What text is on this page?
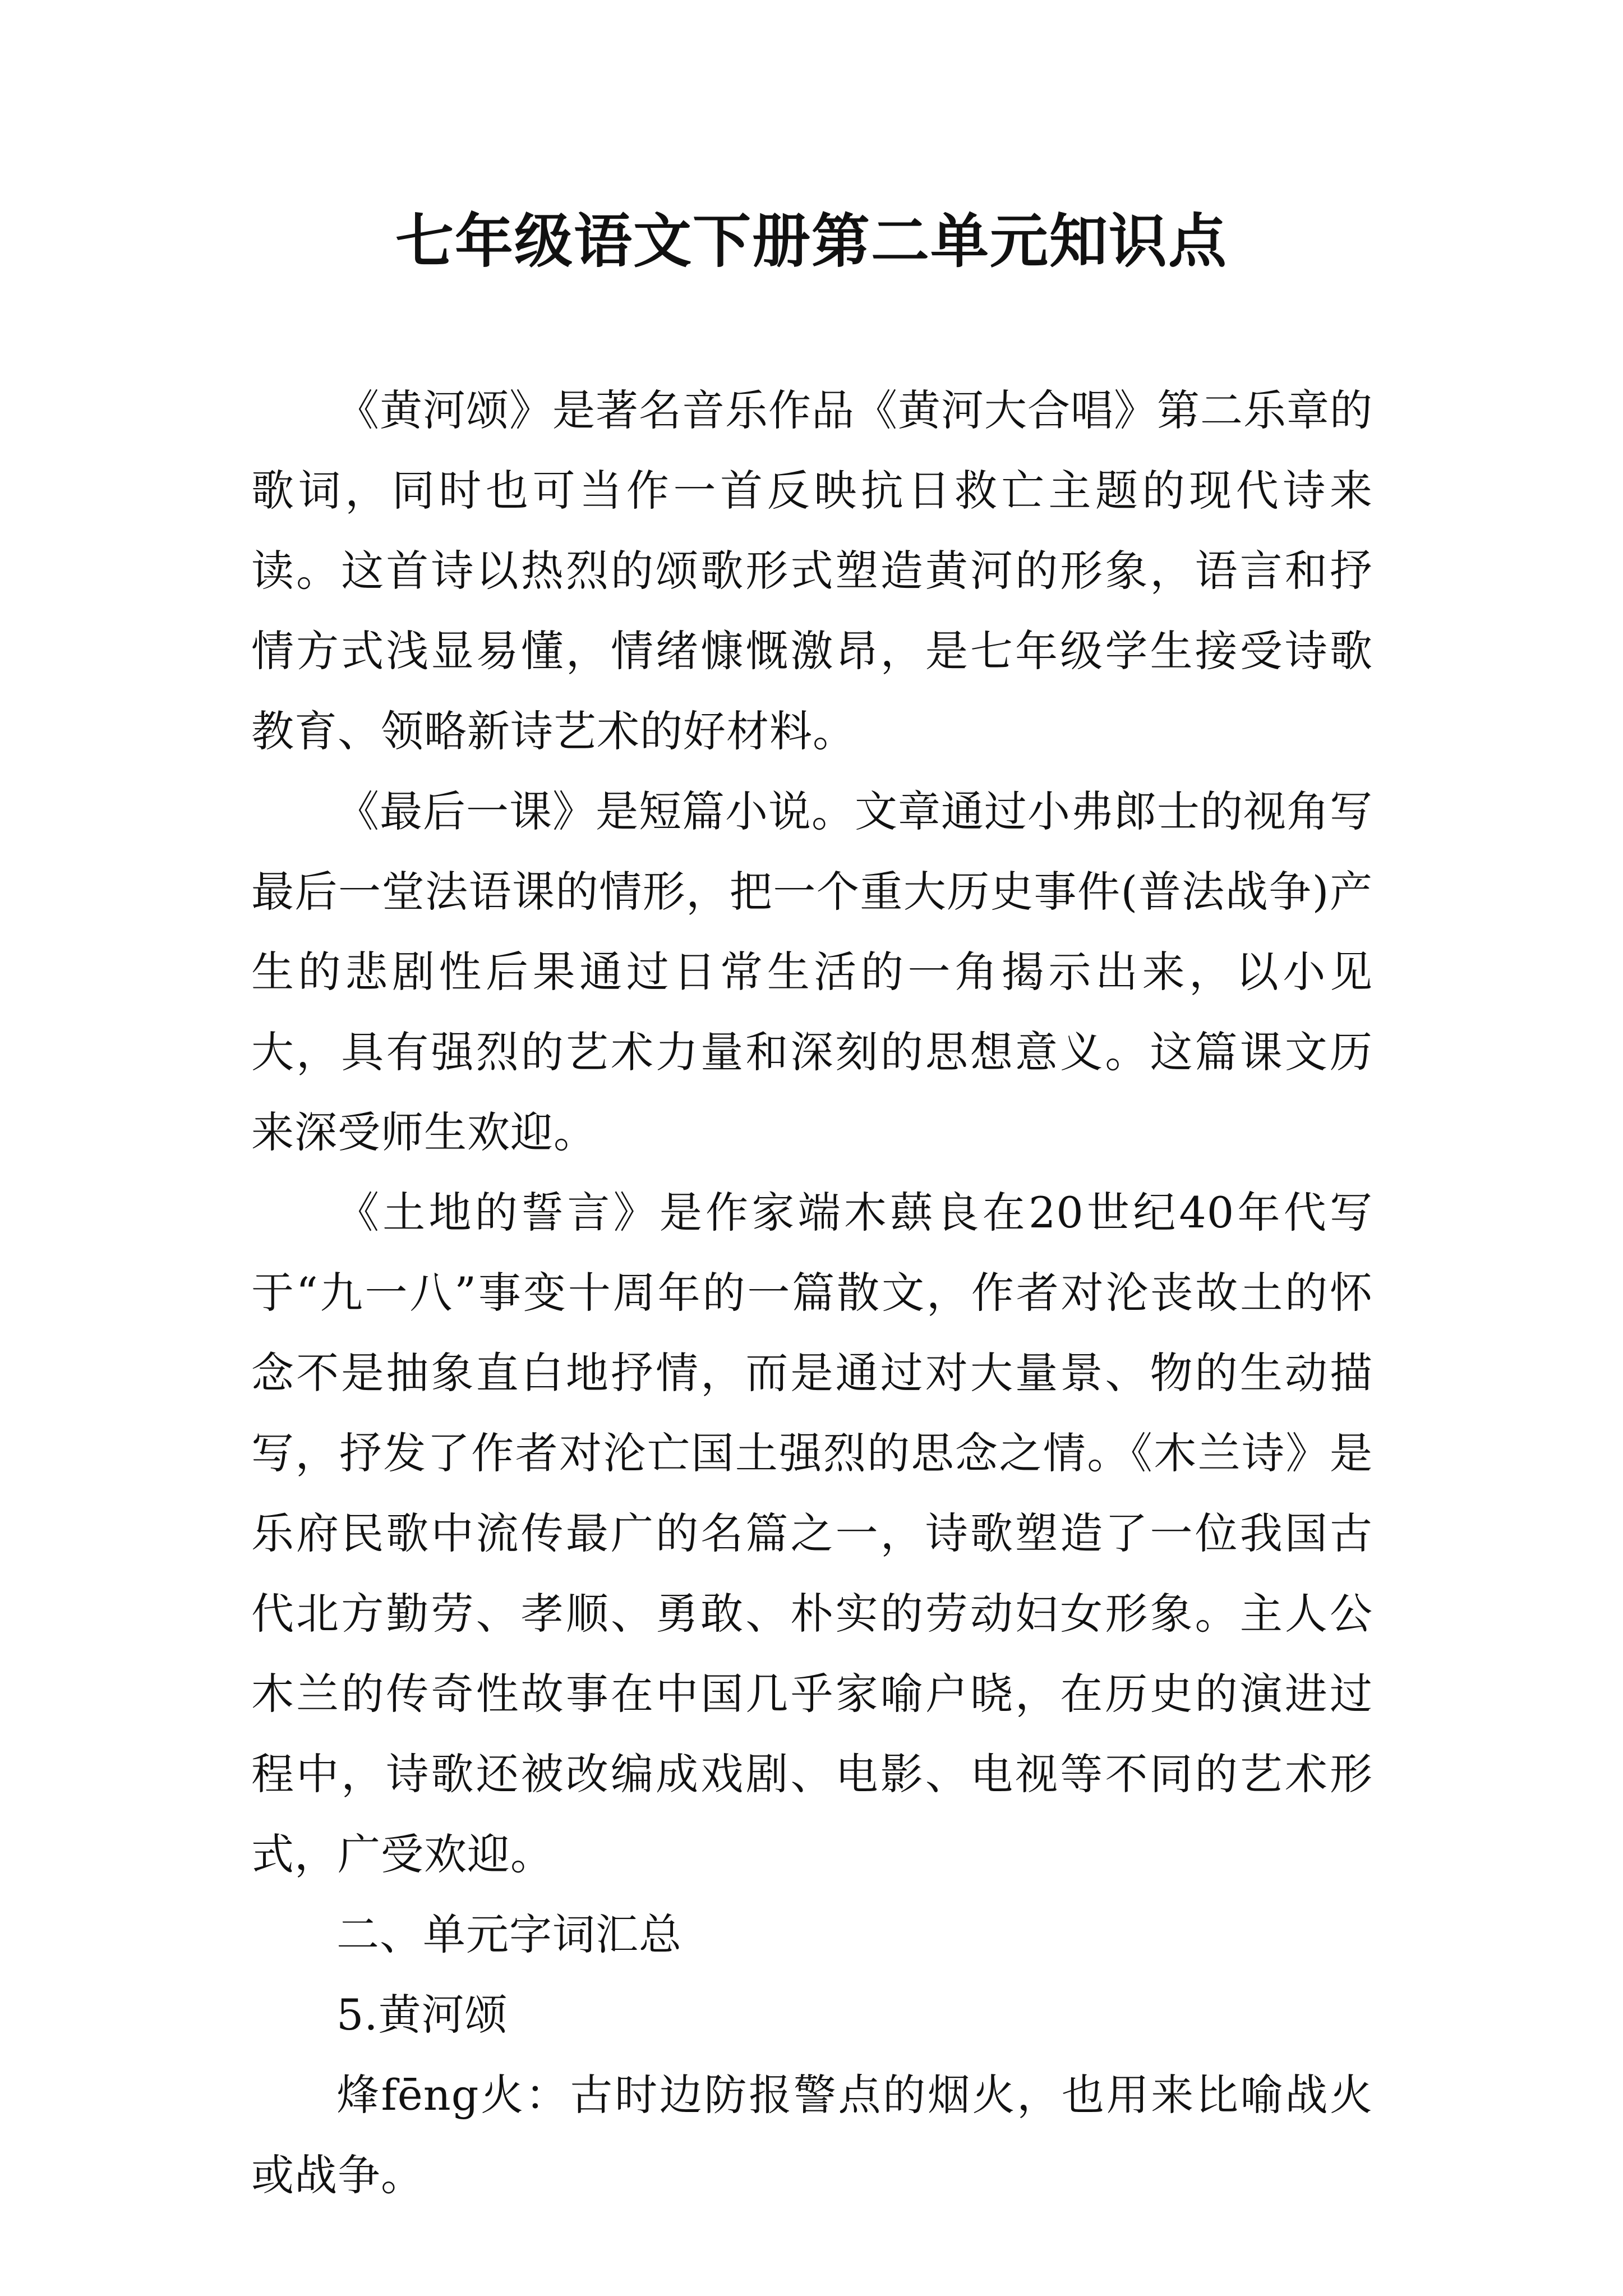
七年级语文下册第二单元知识点

《黄河颂》是著名音乐作品《黄河大合唱》第二乐章的歌词，同时也可当作一首反映抗日救亡主题的现代诗来读。这首诗以热烈的颂歌形式塑造黄河的形象，语言和抒情方式浅显易懂，情绪慷慨激昂，是七年级学生接受诗歌教育、领略新诗艺术的好材料。

《最后一课》是短篇小说。文章通过小弗郎士的视角写最后一堂法语课的情形，把一个重大历史事件(普法战争)产生的悲剧性后果通过日常生活的一角揭示出来，以小见大，具有强烈的艺术力量和深刻的思想意义。这篇课文历来深受师生欢迎。

《土地的誓言》是作家端木蕻良在20世纪40年代写于“九一八”事变十周年的一篇散文，作者对沦丧故土的怀念不是抽象直白地抒情，而是通过对大量景、物的生动描写，抒发了作者对沦亡国土强烈的思念之情。《木兰诗》是乐府民歌中流传最广的名篇之一，诗歌塑造了一位我国古代北方勤劳、孝顺、勇敢、朴实的劳动妇女形象。主人公木兰的传奇性故事在中国几乎家喻户晓，在历史的演进过程中，诗歌还被改编成戏剧、电影、电视等不同的艺术形式，广受欢迎。

二、单元字词汇总

5.黄河颂

烽fēng火：古时边防报警点的烟火，也用来比喻战火或战争。
